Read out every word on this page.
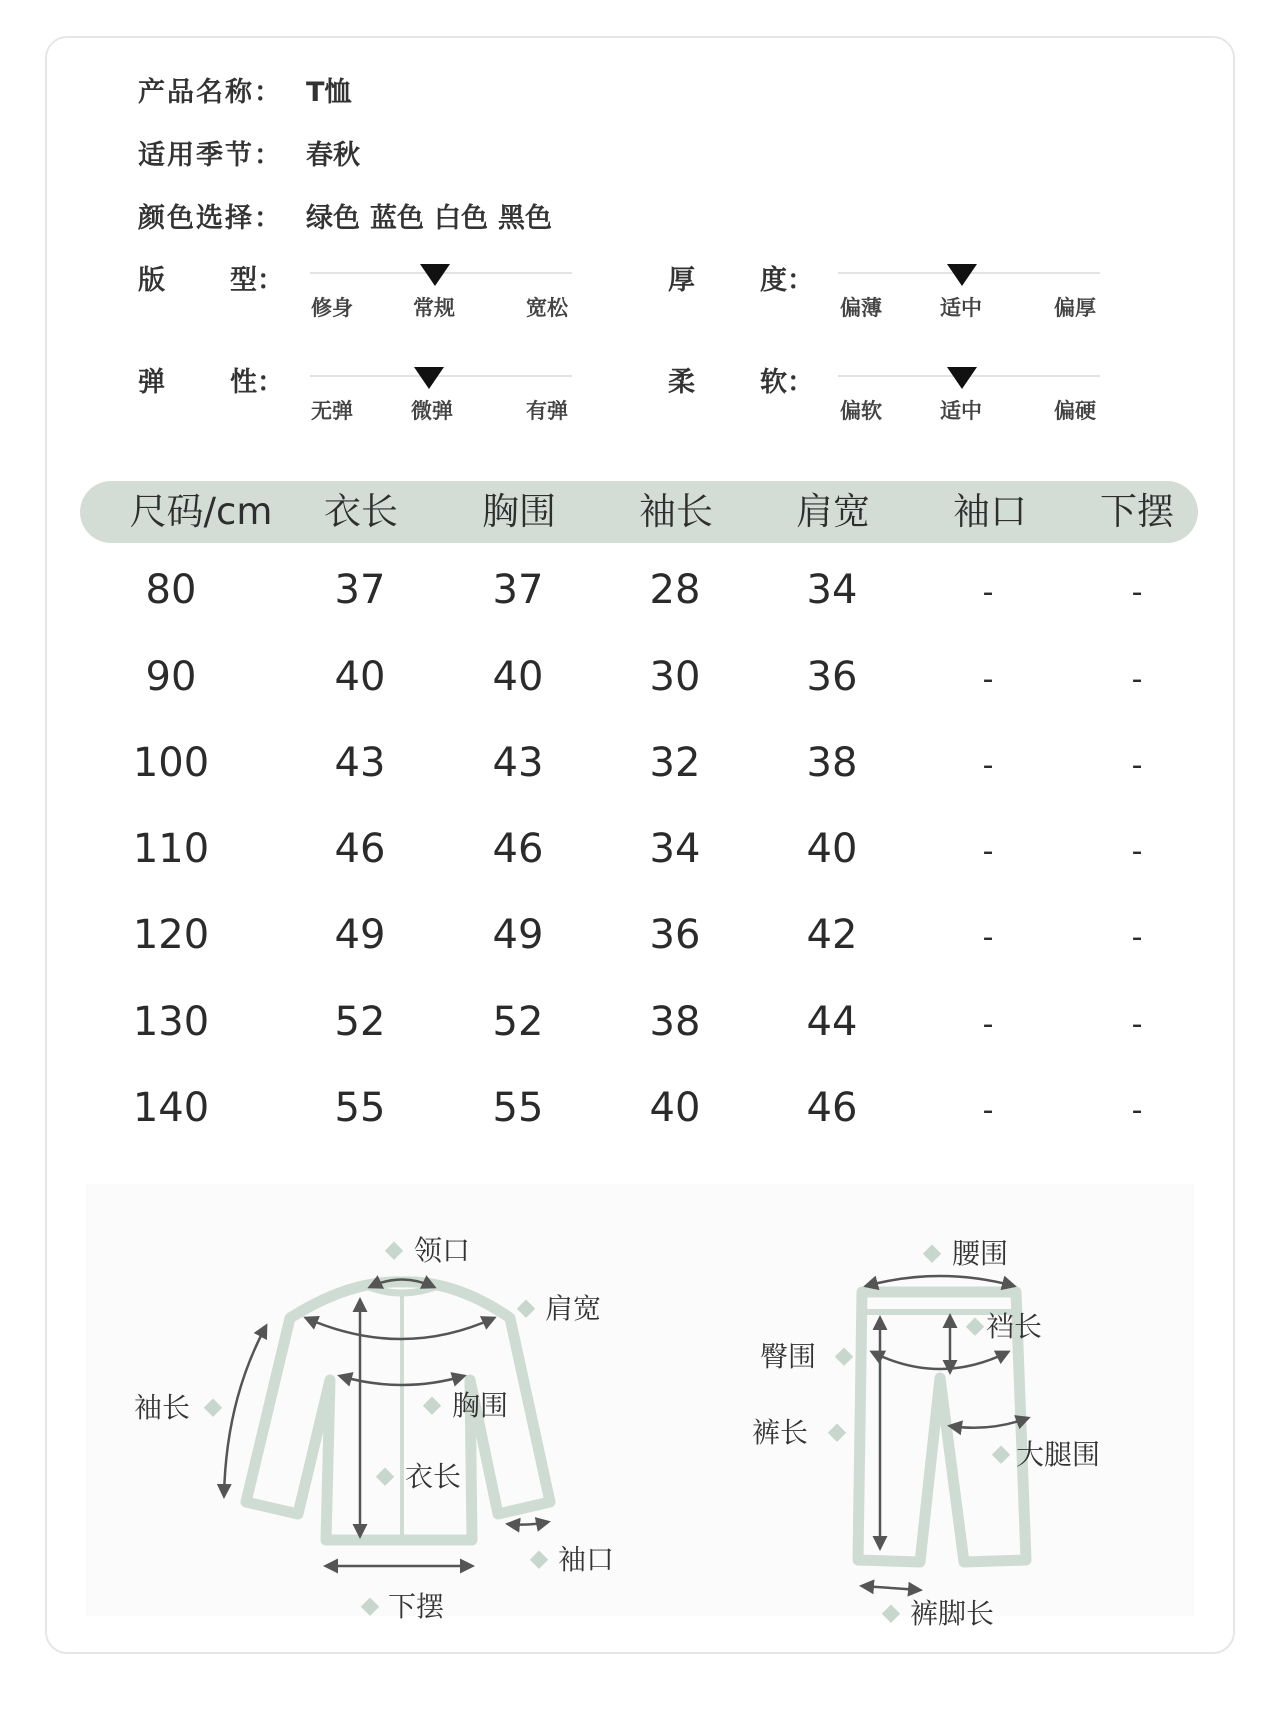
产品名称： T恤
适用季节： 春秋
颜色选择： 绿色 蓝色 白色 黑色
版 型：
修身	常规	宽松
厚 度：
偏薄	适中	偏厚
弹 性：
无弹	微弹	有弹
柔 软：
偏软	适中	偏硬
尺码/cm	衣长	胸围	袖长	肩宽	袖口	下摆
80	37	37	28	34	-	-
90	40	40	30	36	-	-
100	43	43	32	38	-	-
110	46	46	34	40	-	-
120	49	49	36	42	-	-
130	52	52	38	44	-	-
140	55	55	40	46	-	-
领口
肩宽
袖长	胸围
衣长
袖口
下摆
腰围
裆长
臀围
裤长
大腿围
裤脚长
